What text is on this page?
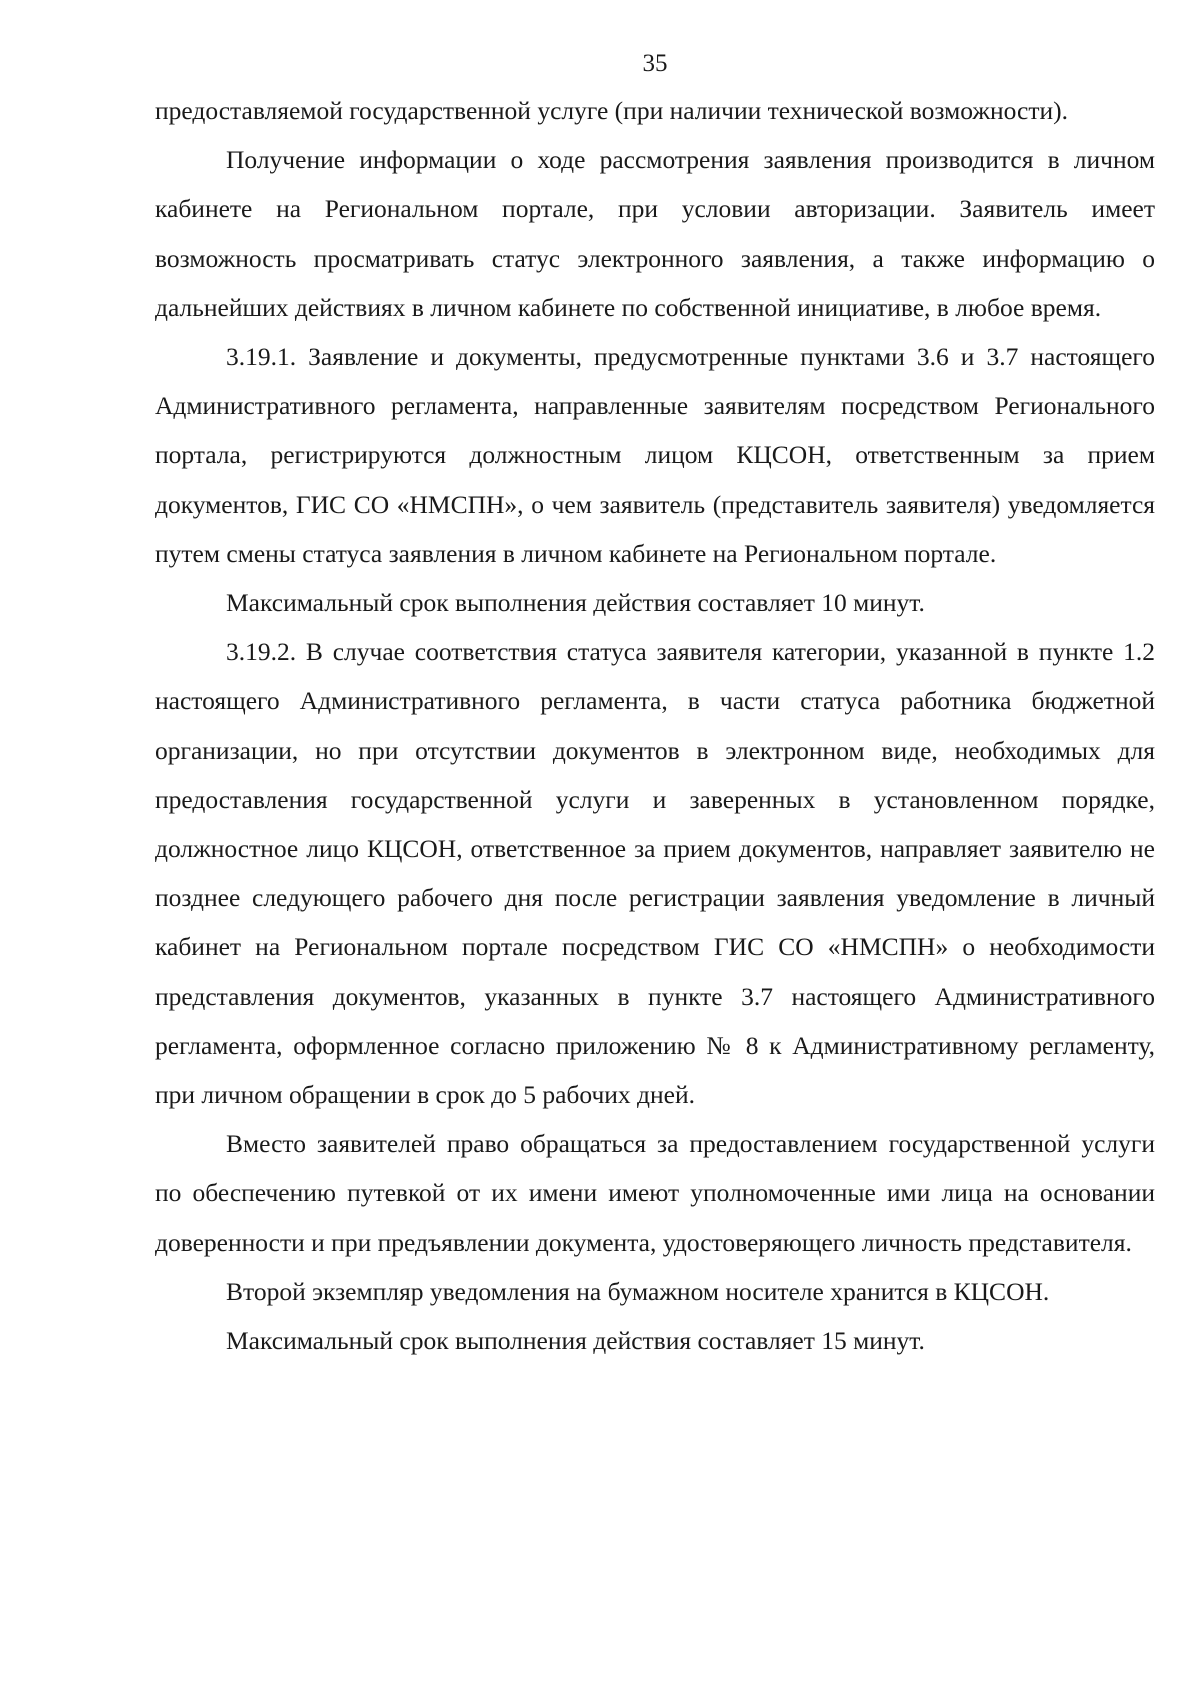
35

предоставляемой государственной услуге (при наличии технической возможности).

Получение информации о ходе рассмотрения заявления производится в личном кабинете на Региональном портале, при условии авторизации. Заявитель имеет возможность просматривать статус электронного заявления, а также информацию о дальнейших действиях в личном кабинете по собственной инициативе, в любое время.

3.19.1. Заявление и документы, предусмотренные пунктами 3.6 и 3.7 настоящего Административного регламента, направленные заявителям посредством Регионального портала, регистрируются должностным лицом КЦСОН, ответственным за прием документов, ГИС СО «НМСПН», о чем заявитель (представитель заявителя) уведомляется путем смены статуса заявления в личном кабинете на Региональном портале.

Максимальный срок выполнения действия составляет 10 минут.

3.19.2. В случае соответствия статуса заявителя категории, указанной в пункте 1.2 настоящего Административного регламента, в части статуса работника бюджетной организации, но при отсутствии документов в электронном виде, необходимых для предоставления государственной услуги и заверенных в установленном порядке, должностное лицо КЦСОН, ответственное за прием документов, направляет заявителю не позднее следующего рабочего дня после регистрации заявления уведомление в личный кабинет на Региональном портале посредством ГИС СО «НМСПН» о необходимости представления документов, указанных в пункте 3.7 настоящего Административного регламента, оформленное согласно приложению № 8 к Административному регламенту, при личном обращении в срок до 5 рабочих дней.

Вместо заявителей право обращаться за предоставлением государственной услуги по обеспечению путевкой от их имени имеют уполномоченные ими лица на основании доверенности и при предъявлении документа, удостоверяющего личность представителя.

Второй экземпляр уведомления на бумажном носителе хранится в КЦСОН.

Максимальный срок выполнения действия составляет 15 минут.
